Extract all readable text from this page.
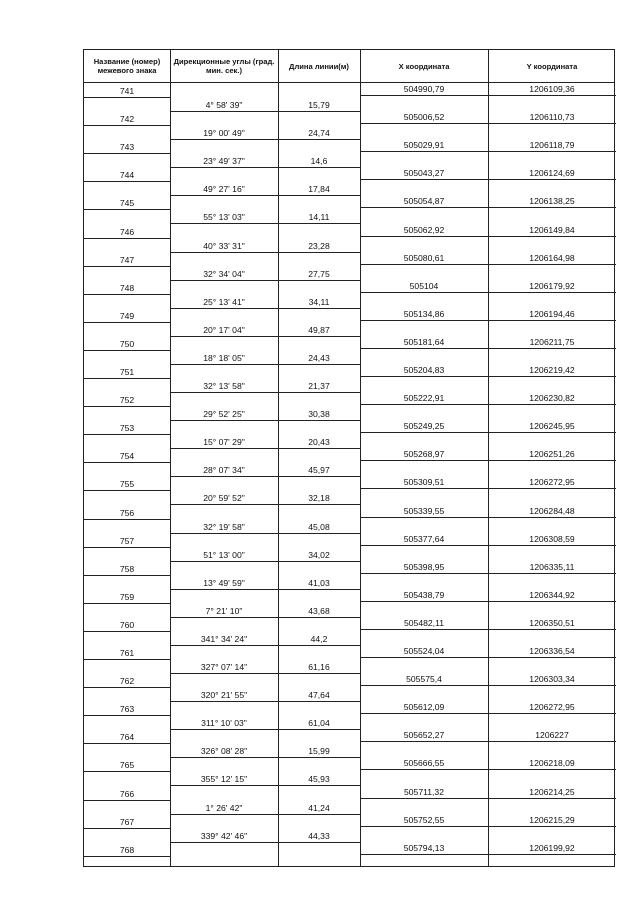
Название (номер) межевого знака
Дирекционные углы (град. мин. сек.)	Длина линии(м)	X координата	Y координата
741	504990,79	1206109,36
742	505006,52	1206110,73
743	505029,91	1206118,79
744	505043,27	1206124,69
745	505054,87	1206138,25
746	505062,92	1206149,84
747	505080,61	1206164,98
748	505104	1206179,92
749	505134,86	1206194,46
750	505181,64	1206211,75
751	505204,83	1206219,42
752	505222,91	1206230,82
753	505249,25	1206245,95
754	505268,97	1206251,26
755	505309,51	1206272,95
756	505339,55	1206284,48
757	505377,64	1206308,59
758	505398,95	1206335,11
759	505438,79	1206344,92
760	505482,11	1206350,51
761	505524,04	1206336,54
762	505575,4	1206303,34
763	505612,09	1206272,95
764	505652,27	1206227
765	505666,55	1206218,09
766	505711,32	1206214,25
767	505752,55	1206215,29
768	505794,13	1206199,92
4° 58' 39"	15,79
19° 00' 49"	24,74
23° 49' 37"	14,6
49° 27' 16"	17,84
55° 13' 03"	14,11
40° 33' 31"	23,28
32° 34' 04"	27,75
25° 13' 41"	34,11
20° 17' 04"	49,87
18° 18' 05"	24,43
32° 13' 58"	21,37
29° 52' 25"	30,38
15° 07' 29"	20,43
28° 07' 34"	45,97
20° 59' 52"	32,18
32° 19' 58"	45,08
51° 13' 00"	34,02
13° 49' 59"	41,03
7° 21' 10"	43,68
341° 34' 24"	44,2
327° 07' 14"	61,16
320° 21' 55"	47,64
311° 10' 03"	61,04
326° 08' 28"	15,99
355° 12' 15"	45,93
1° 26' 42"	41,24
339° 42' 46"	44,33
